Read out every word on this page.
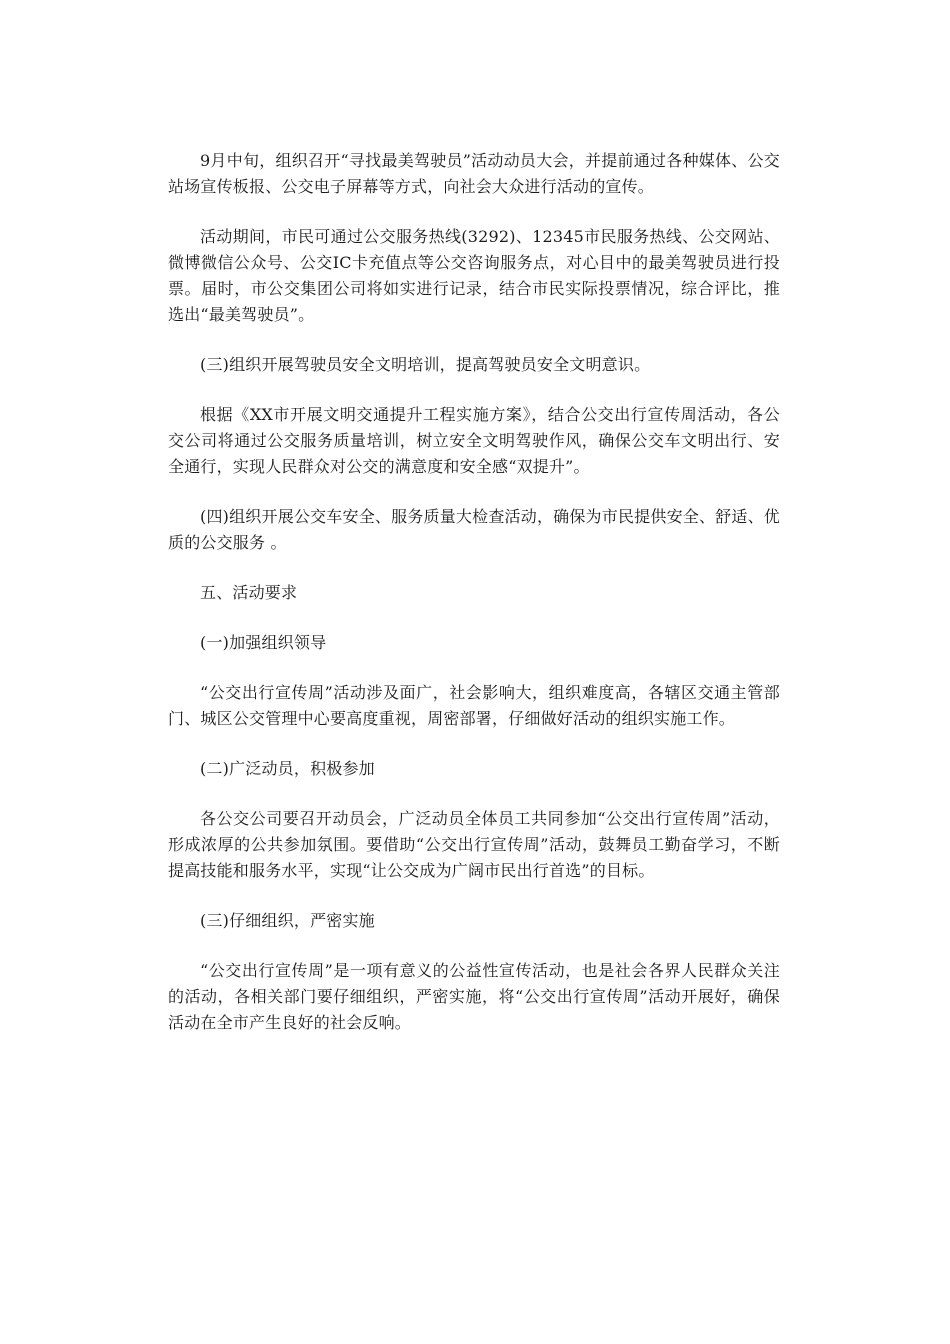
9月中旬，组织召开“寻找最美驾驶员”活动动员大会，并提前通过各种媒体、公交站场宣传板报、公交电子屏幕等方式，向社会大众进行活动的宣传。

活动期间，市民可通过公交服务热线(3292)、12345市民服务热线、公交网站、微博微信公众号、公交IC卡充值点等公交咨询服务点，对心目中的最美驾驶员进行投票。届时，市公交集团公司将如实进行记录，结合市民实际投票情况，综合评比，推选出“最美驾驶员”。

(三)组织开展驾驶员安全文明培训，提高驾驶员安全文明意识。

根据《XX市开展文明交通提升工程实施方案》，结合公交出行宣传周活动，各公交公司将通过公交服务质量培训，树立安全文明驾驶作风，确保公交车文明出行、安全通行，实现人民群众对公交的满意度和安全感“双提升”。

(四)组织开展公交车安全、服务质量大检查活动，确保为市民提供安全、舒适、优质的公交服务 。

五、活动要求

(一)加强组织领导

“公交出行宣传周”活动涉及面广，社会影响大，组织难度高，各辖区交通主管部门、城区公交管理中心要高度重视，周密部署，仔细做好活动的组织实施工作。

(二)广泛动员，积极参加

各公交公司要召开动员会，广泛动员全体员工共同参加“公交出行宣传周”活动，形成浓厚的公共参加氛围。要借助“公交出行宣传周”活动，鼓舞员工勤奋学习，不断提高技能和服务水平，实现“让公交成为广阔市民出行首选”的目标。

(三)仔细组织，严密实施

“公交出行宣传周”是一项有意义的公益性宣传活动，也是社会各界人民群众关注的活动，各相关部门要仔细组织，严密实施，将“公交出行宣传周”活动开展好，确保活动在全市产生良好的社会反响。
